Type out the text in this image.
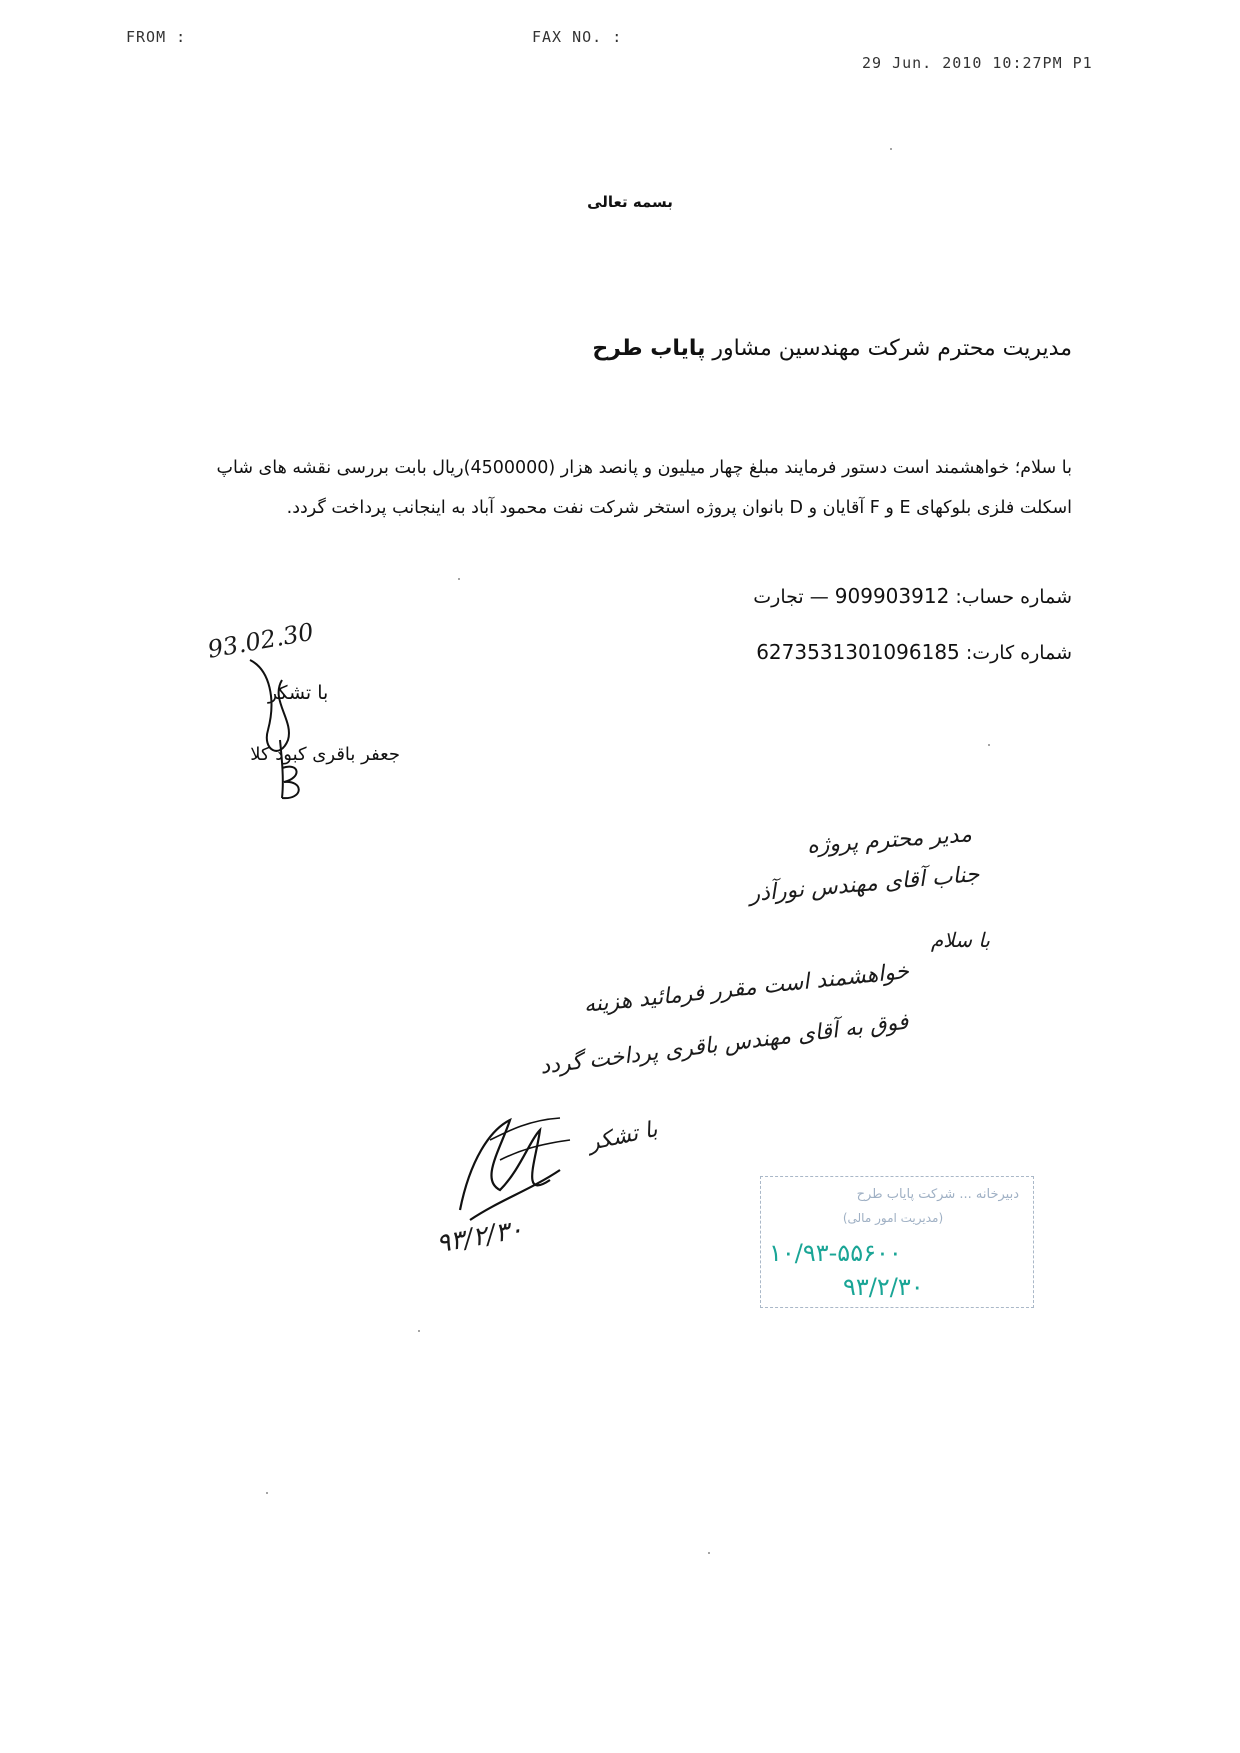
FROM :	FAX NO. :
29 Jun. 2010 10:27PM P1
بسمه تعالی
مدیریت محترم شرکت مهندسین مشاور پایاب طرح
با سلام؛ خواهشمند است دستور فرمایند مبلغ چهار میلیون و پانصد هزار (4500000)ریال بابت بررسی نقشه های شاپ اسکلت فلزی بلوکهای E و F آقایان و D بانوان پروژه استخر شرکت نفت محمود آباد به اینجانب پرداخت گردد.
شماره حساب: 909903912 — تجارت
شماره کارت: 6273531301096185
93.02.30
با تشکر
جعفر باقری کبود کلا
مدیر محترم پروژه
جناب آقای مهندس نورآذر
با سلام
خواهشمند است مقرر فرمائید هزینه
فوق به آقای مهندس باقری پرداخت گردد
با تشکر
۹۳/۲/۳۰
دبیرخانه ... شرکت پایاب طرح
(مدیریت امور مالی)
۱۰/۹۳-۵۵۶۰۰
۹۳/۲/۳۰
